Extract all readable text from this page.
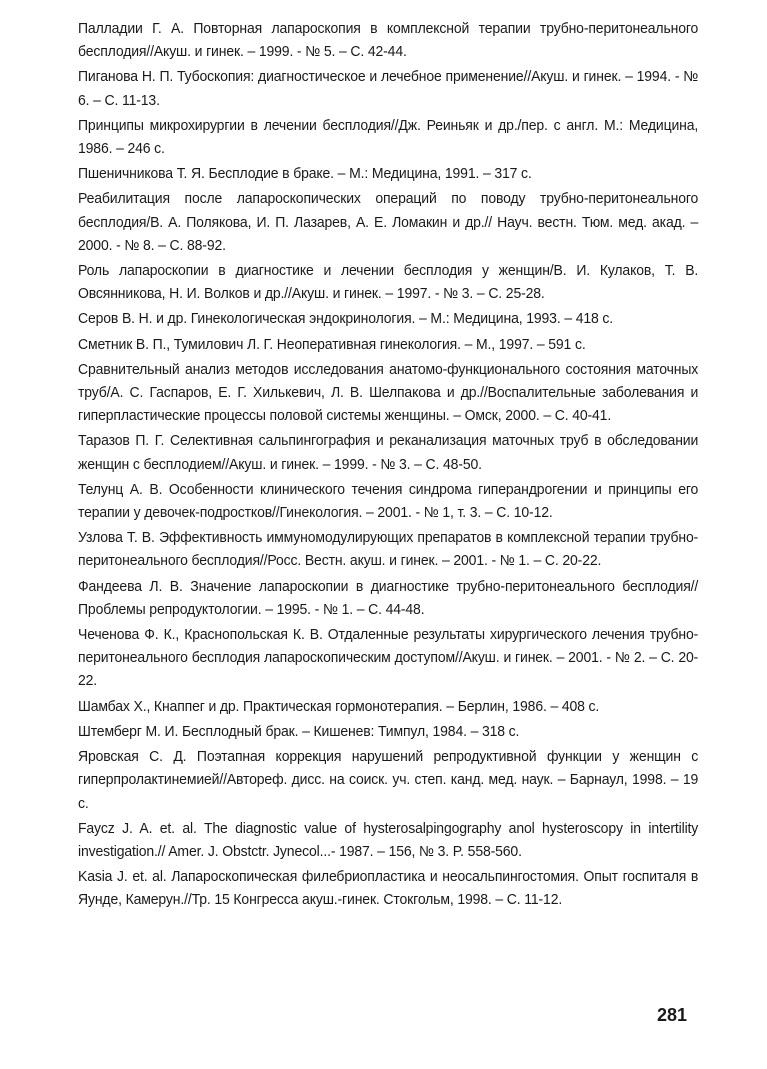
Палладии Г. А. Повторная лапароскопия в комплексной терапии трубно-перитонеального бесплодия//Акуш. и гинек. – 1999. - № 5. – С. 42-44.

Пиганова Н. П. Тубоскопия: диагностическое и лечебное применение//Акуш. и гинек. – 1994. - № 6. – С. 11-13.

Принципы микрохирургии в лечении бесплодия//Дж. Реиньяк и др./пер. с англ. М.: Медицина, 1986. – 246 с.

Пшеничникова Т. Я. Бесплодие в браке. – М.: Медицина, 1991. – 317 с.

Реабилитация после лапароскопических операций по поводу трубно-перитонеального бесплодия/В. А. Полякова, И. П. Лазарев, А. Е. Ломакин и др.// Науч. вестн. Тюм. мед. акад. – 2000. - № 8. – С. 88-92.

Роль лапароскопии в диагностике и лечении бесплодия у женщин/В. И. Кулаков, Т. В. Овсянникова, Н. И. Волков и др.//Акуш. и гинек. – 1997. - № 3. – С. 25-28.

Серов В. Н. и др. Гинекологическая эндокринология. – М.: Медицина, 1993. – 418 с.

Сметник В. П., Тумилович Л. Г. Неоперативная гинекология. – М., 1997. – 591 с.

Сравнительный анализ методов исследования анатомо-функционального состояния маточных труб/А. С. Гаспаров, Е. Г. Хилькевич, Л. В. Шелпакова и др.//Воспалительные заболевания и гиперпластические процессы половой системы женщины. – Омск, 2000. – С. 40-41.

Таразов П. Г. Селективная сальпингография и реканализация маточных труб в обследовании женщин с бесплодием//Акуш. и гинек. – 1999. - № 3. – С. 48-50.

Телунц А. В. Особенности клинического течения синдрома гиперандрогении и принципы его терапии у девочек-подростков//Гинекология. – 2001. - № 1, т. 3. – С. 10-12.

Узлова Т. В. Эффективность иммуномодулирующих препаратов в комплексной терапии трубно-перитонеального бесплодия//Росс. Вестн. акуш. и гинек. – 2001. - № 1. – С. 20-22.

Фандеева Л. В. Значение лапароскопии в диагностике трубно-перитонеального бесплодия//Проблемы репродуктологии. – 1995. - № 1. – С. 44-48.

Чеченова Ф. К., Краснопольская К. В. Отдаленные результаты хирургического лечения трубно-перитонеального бесплодия лапароскопическим доступом//Акуш. и гинек. – 2001. - № 2. – С. 20-22.

Шамбах Х., Кнаппег и др. Практическая гормонотерапия. – Берлин, 1986. – 408 с.

Штемберг М. И. Бесплодный брак. – Кишенев: Тимпул, 1984. – 318 с.

Яровская С. Д. Поэтапная коррекция нарушений репродуктивной функции у женщин с гиперпролактинемией//Автореф. дисс. на соиск. уч. степ. канд. мед. наук. – Барнаул, 1998. – 19 с.

Faycz J. A. et. al. The diagnostic value of hysterosalpingography anol hysteroscopy in intertility investigation.// Amer. J. Obstctr. Jynecol...- 1987. – 156, № 3. P. 558-560.

Kasia J. et. al. Лапароскопическая филебриопластика и неосальпингостомия. Опыт госпиталя в Яунде, Камерун.//Тр. 15 Конгресса акуш.-гинек. Стокгольм, 1998. – С. 11-12.

281
